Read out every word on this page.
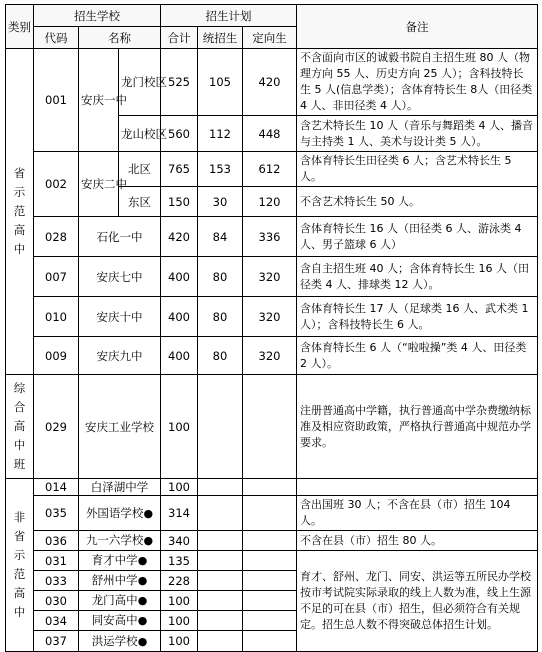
类别	招生学校			招生计划			备注
	代码	名称		合计	统招生	定向生	
省示范高中	001	安庆一中	龙门校区	525	105	420	不含面向市区的诚毅书院自主招生班 80 人（物理方向 55 人、历史方向 25 人）；含科技特长生 5 人(信息学类）；含体育特长生 8人（田径类 4 人、非田径类 4 人）。
			龙山校区	560	112	448	含艺术特长生 10 人（音乐与舞蹈类 4 人、播音与主持类 1 人、美术与设计类 5 人）。
	002	安庆二中	北区	765	153	612	含体育特长生田径类 6 人；含艺术特长生 5 人。
			东区	150	30	120	不含艺术特长生 50 人。
	028	石化一中		420	84	336	含体育特长生 16 人（田径类 6 人、游泳类 4 人、男子篮球 6 人）
	007	安庆七中		400	80	320	含自主招生班 40 人；含体育特长生 16 人（田径类 4 人、排球类 12 人）。
	010	安庆十中		400	80	320	含体育特长生 17 人（足球类 16 人、武术类 1 人）；含科技特长生 6 人。
	009	安庆九中		400	80	320	含体育特长生 6 人（“啦啦操”类 4 人、田径类 2 人）。
综合高中班	029	安庆工业学校		100			注册普通高中学籍，执行普通高中学杂费缴纳标准及相应资助政策，严格执行普通高中规范办学要求。
非省示范高中	014	白泽湖中学		100			
	035	外国语学校●		314			含出国班 30 人；不含在县（市）招生 104 人。
	036	九一六学校●		340			不含在县（市）招生 80 人。
	031	育才中学●		135			育才、舒州、龙门、同安、洪运等五所民办学校按市考试院实际录取的线上人数为准，线上生源不足的可在县（市）招生，但必须符合有关规定。招生总人数不得突破总体招生计划。
	033	舒州中学●		228			
	030	龙门高中●		100			
	034	同安高中●		100			
	037	洪运学校●		100			
